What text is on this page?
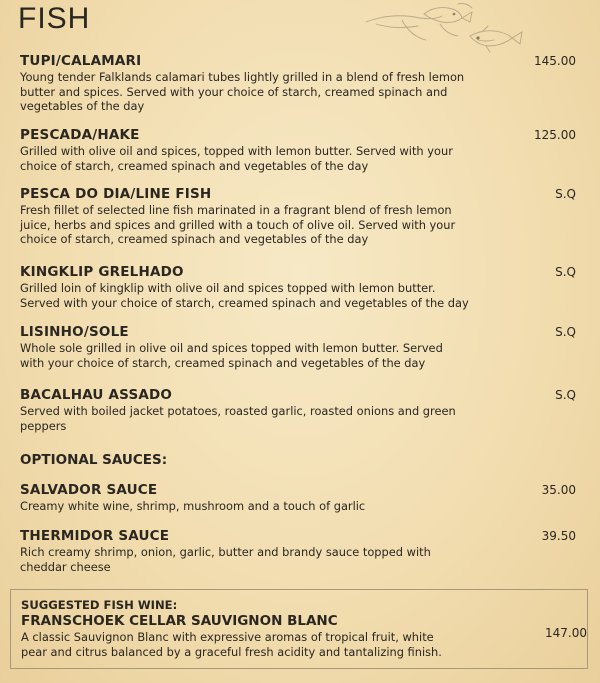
FISH
TUPI/CALAMARI
Young tender Falklands calamari tubes lightly grilled in a blend of fresh lemon butter and spices. Served with your choice of starch, creamed spinach and vegetables of the day
145.00
PESCADA/HAKE
Grilled with olive oil and spices, topped with lemon butter. Served with your choice of starch, creamed spinach and vegetables of the day
125.00
PESCA DO DIA/LINE FISH
Fresh fillet of selected line fish marinated in a fragrant blend of fresh lemon juice, herbs and spices and grilled with a touch of olive oil. Served with your choice of starch, creamed spinach and vegetables of the day
S.Q
KINGKLIP GRELHADO
Grilled loin of kingklip with olive oil and spices topped with lemon butter. Served with your choice of starch, creamed spinach and vegetables of the day
S.Q
LISINHO/SOLE
Whole sole grilled in olive oil and spices topped with lemon butter. Served with your choice of starch, creamed spinach and vegetables of the day
S.Q
BACALHAU ASSADO
Served with boiled jacket potatoes, roasted garlic, roasted onions and green peppers
S.Q
OPTIONAL SAUCES:
SALVADOR SAUCE
Creamy white wine, shrimp, mushroom and a touch of garlic
35.00
THERMIDOR SAUCE
Rich creamy shrimp, onion, garlic, butter and brandy sauce topped with cheddar cheese
39.50
SUGGESTED FISH WINE:
FRANSCHOEK CELLAR SAUVIGNON BLANC
A classic Sauvignon Blanc with expressive aromas of tropical fruit, white pear and citrus balanced by a graceful fresh acidity and tantalizing finish.
147.00
